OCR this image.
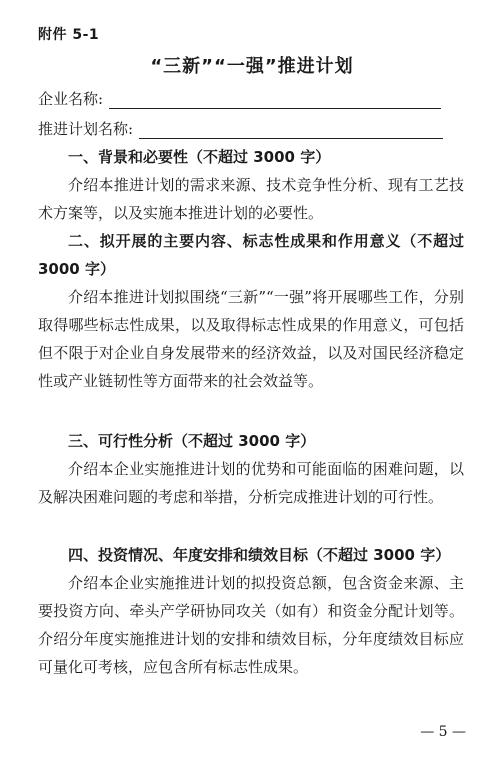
附件 5-1
“三新”“一强”推进计划
企业名称:
推进计划名称:
一、背景和必要性（不超过 3000 字）
介绍本推进计划的需求来源、技术竞争性分析、现有工艺技术方案等，以及实施本推进计划的必要性。
二、拟开展的主要内容、标志性成果和作用意义（不超过 3000 字）
介绍本推进计划拟围绕“三新”“一强”将开展哪些工作，分别取得哪些标志性成果，以及取得标志性成果的作用意义，可包括但不限于对企业自身发展带来的经济效益，以及对国民经济稳定性或产业链韧性等方面带来的社会效益等。
三、可行性分析（不超过 3000 字）
介绍本企业实施推进计划的优势和可能面临的困难问题，以及解决困难问题的考虑和举措，分析完成推进计划的可行性。
四、投资情况、年度安排和绩效目标（不超过 3000 字）
介绍本企业实施推进计划的拟投资总额，包含资金来源、主要投资方向、牵头产学研协同攻关（如有）和资金分配计划等。介绍分年度实施推进计划的安排和绩效目标，分年度绩效目标应可量化可考核，应包含所有标志性成果。
— 5 —
